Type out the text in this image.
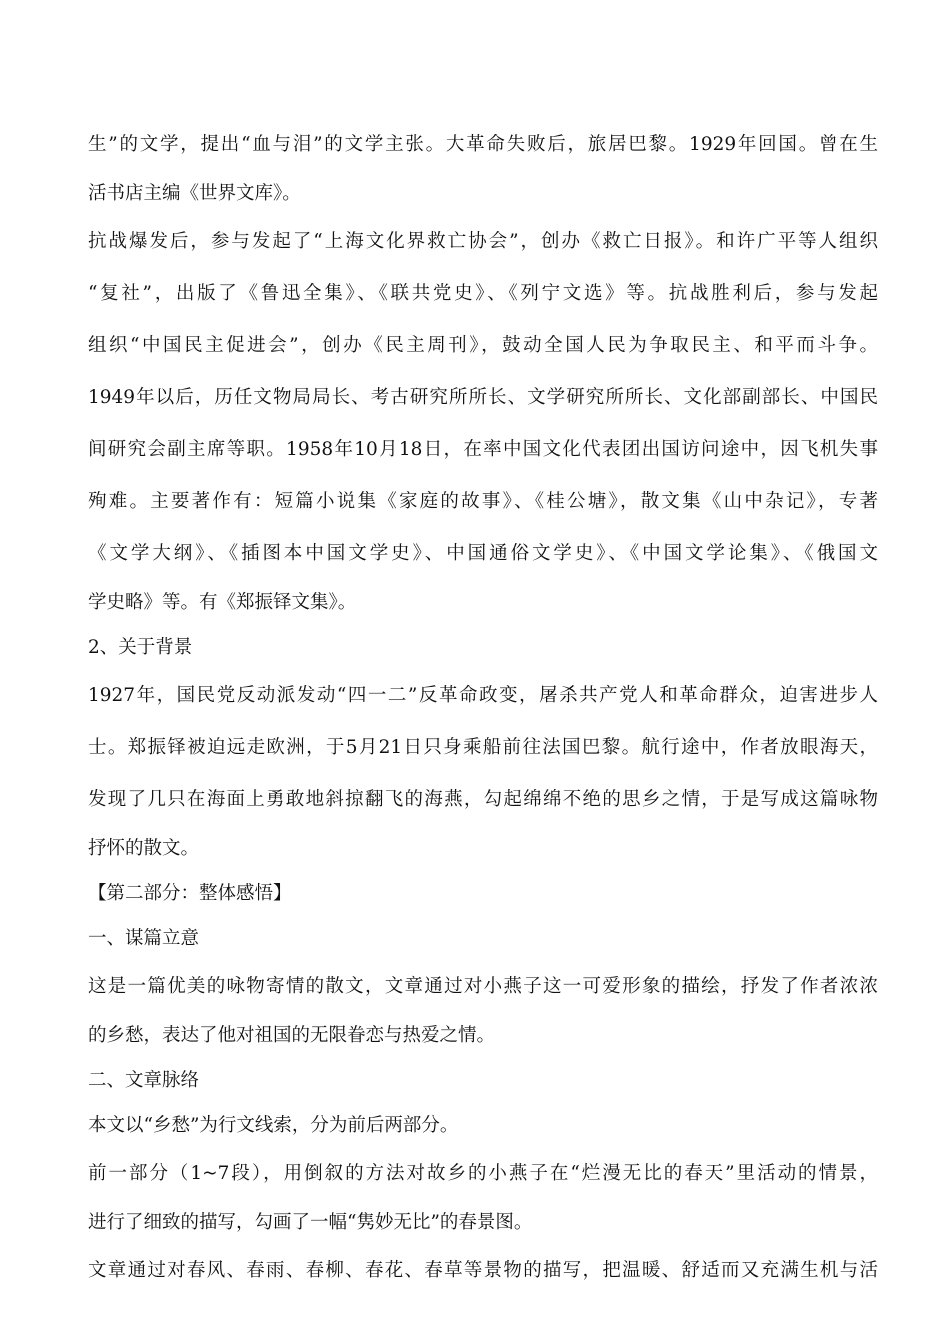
生”的文学，提出“血与泪”的文学主张。大革命失败后，旅居巴黎。1929年回国。曾在生
活书店主编《世界文库》。
抗战爆发后，参与发起了“上海文化界救亡协会”，创办《救亡日报》。和许广平等人组织
“复社”，出版了《鲁迅全集》、《联共党史》、《列宁文选》等。抗战胜利后，参与发起
组织“中国民主促进会”，创办《民主周刊》，鼓动全国人民为争取民主、和平而斗争。
1949年以后，历任文物局局长、考古研究所所长、文学研究所所长、文化部副部长、中国民
间研究会副主席等职。1958年10月18日，在率中国文化代表团出国访问途中，因飞机失事
殉难。主要著作有：短篇小说集《家庭的故事》、《桂公塘》，散文集《山中杂记》，专著
《文学大纲》、《插图本中国文学史》、中国通俗文学史》、《中国文学论集》、《俄国文
学史略》等。有《郑振铎文集》。
2、关于背景
1927年，国民党反动派发动“四一二”反革命政变，屠杀共产党人和革命群众，迫害进步人
士。郑振铎被迫远走欧洲，于5月21日只身乘船前往法国巴黎。航行途中，作者放眼海天，
发现了几只在海面上勇敢地斜掠翻飞的海燕，勾起绵绵不绝的思乡之情，于是写成这篇咏物
抒怀的散文。
【第二部分：整体感悟】
一、谋篇立意
这是一篇优美的咏物寄情的散文，文章通过对小燕子这一可爱形象的描绘，抒发了作者浓浓
的乡愁，表达了他对祖国的无限眷恋与热爱之情。
二、文章脉络
本文以“乡愁”为行文线索，分为前后两部分。
前一部分（1~7段），用倒叙的方法对故乡的小燕子在“烂漫无比的春天”里活动的情景，
进行了细致的描写，勾画了一幅“隽妙无比”的春景图。
文章通过对春风、春雨、春柳、春花、春草等景物的描写，把温暖、舒适而又充满生机与活
